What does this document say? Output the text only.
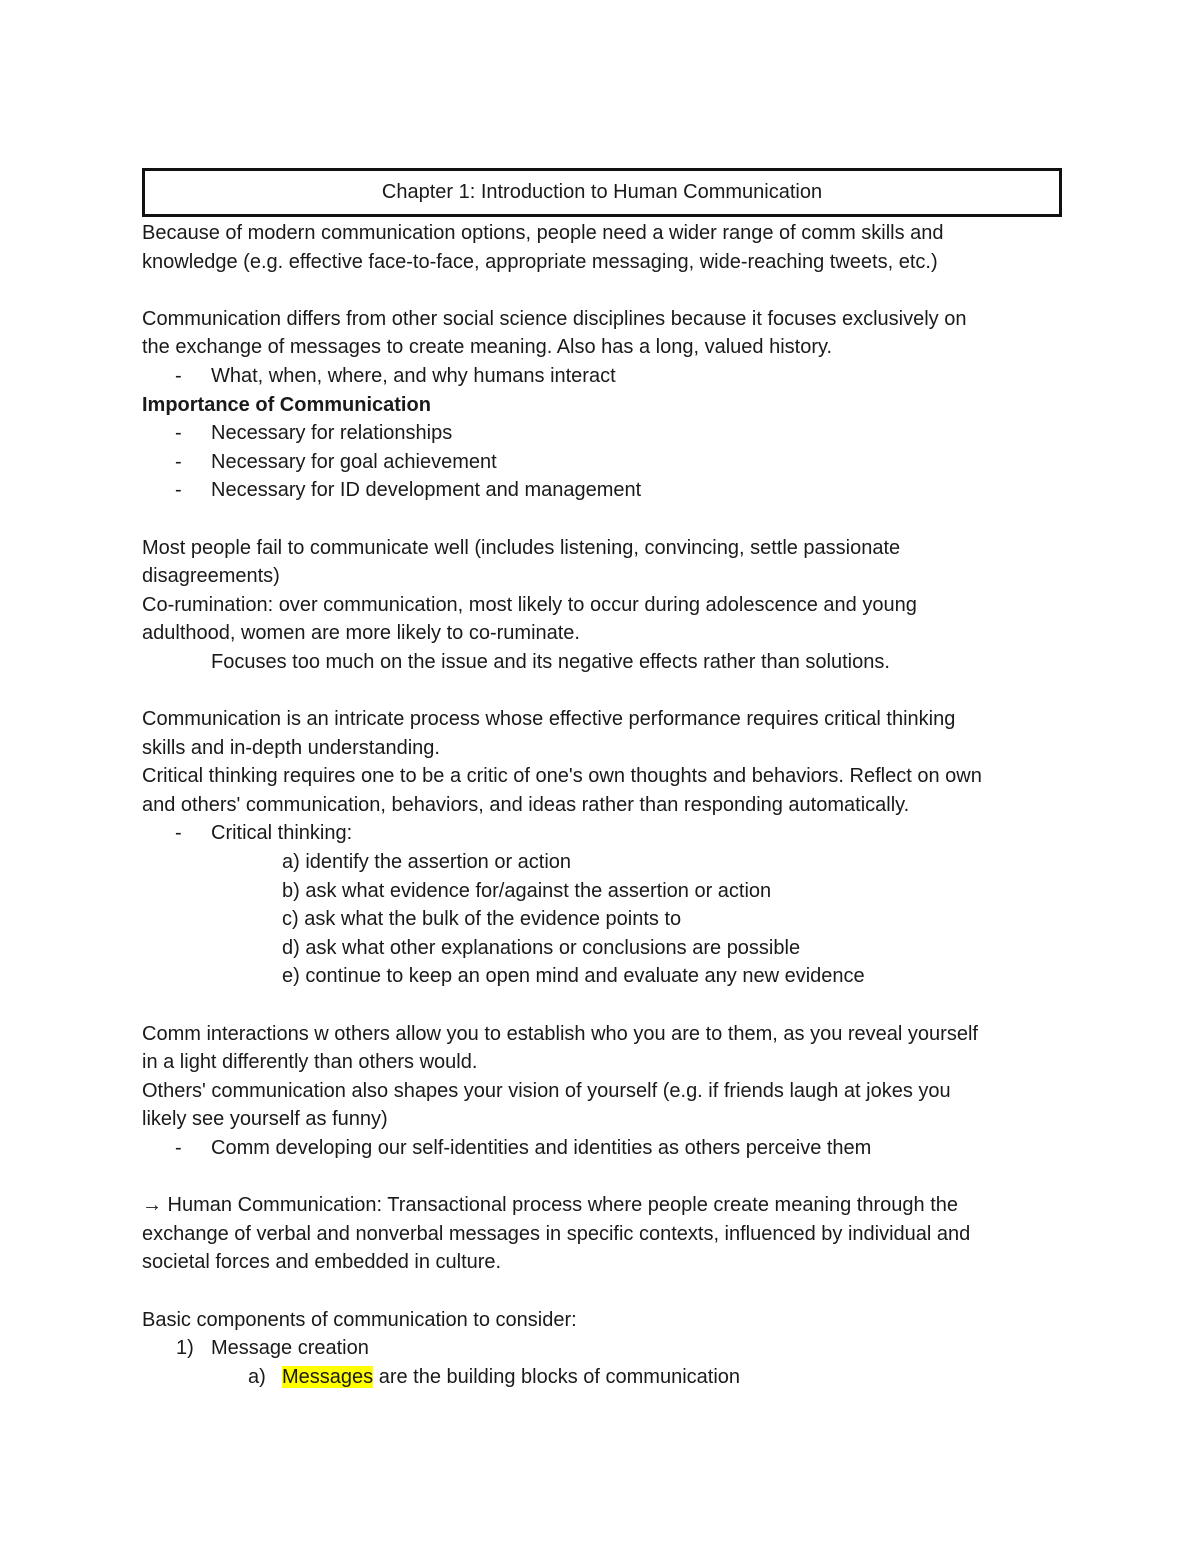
Chapter 1: Introduction to Human Communication

Because of modern communication options, people need a wider range of comm skills and

knowledge (e.g. effective face-to-face, appropriate messaging, wide-reaching tweets, etc.)

Communication differs from other social science disciplines because it focuses exclusively on

the exchange of messages to create meaning. Also has a long, valued history.

- What, when, where, and why humans interact

Importance of Communication

- Necessary for relationships

- Necessary for goal achievement

- Necessary for ID development and management

Most people fail to communicate well (includes listening, convincing, settle passionate

disagreements)

Co-rumination: over communication, most likely to occur during adolescence and young

adulthood, women are more likely to co-ruminate.

Focuses too much on the issue and its negative effects rather than solutions.

Communication is an intricate process whose effective performance requires critical thinking

skills and in-depth understanding.

Critical thinking requires one to be a critic of one's own thoughts and behaviors. Reflect on own

and others' communication, behaviors, and ideas rather than responding automatically.

- Critical thinking:

a) identify the assertion or action

b) ask what evidence for/against the assertion or action

c) ask what the bulk of the evidence points to

d) ask what other explanations or conclusions are possible

e) continue to keep an open mind and evaluate any new evidence

Comm interactions w others allow you to establish who you are to them, as you reveal yourself

in a light differently than others would.

Others' communication also shapes your vision of yourself (e.g. if friends laugh at jokes you

likely see yourself as funny)

- Comm developing our self-identities and identities as others perceive them

→ Human Communication: Transactional process where people create meaning through the

exchange of verbal and nonverbal messages in specific contexts, influenced by individual and

societal forces and embedded in culture.

Basic components of communication to consider:

1) Message creation

a) Messages are the building blocks of communication
